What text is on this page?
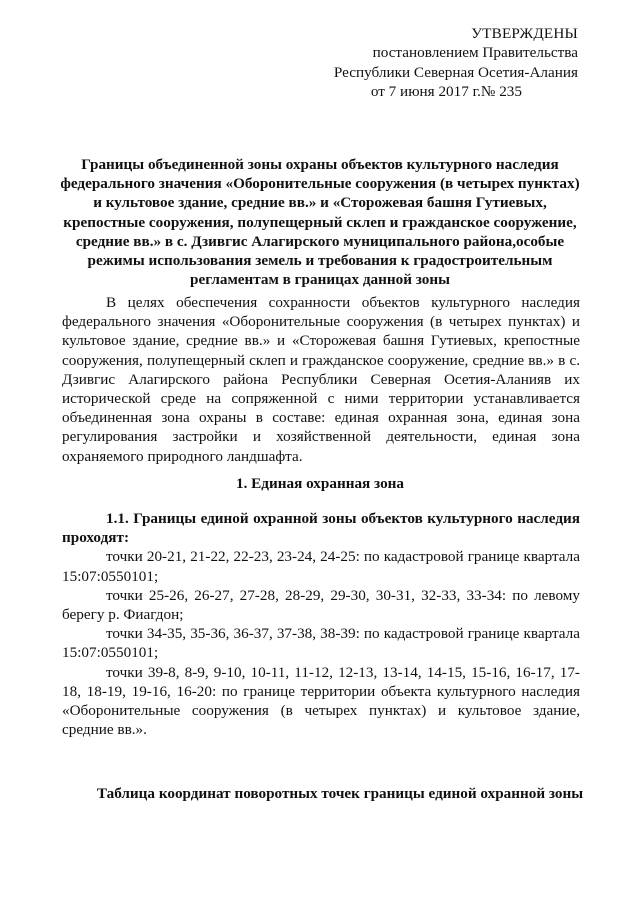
УТВЕРЖДЕНЫ
постановлением Правительства
Республики Северная Осетия-Алания
от 7 июня 2017 г.№ 235
Границы объединенной зоны охраны объектов культурного наследия федерального значения «Оборонительные сооружения (в четырех пунктах) и культовое здание, средние вв.» и «Сторожевая башня Гутиевых, крепостные сооружения, полупещерный склеп и гражданское сооружение, средние вв.» в с. Дзивгис Алагирского муниципального района,особые режимы использования земель и требования к градостроительным регламентам в границах данной зоны

В целях обеспечения сохранности объектов культурного наследия федерального значения «Оборонительные сооружения (в четырех пунктах) и культовое здание, средние вв.» и «Сторожевая башня Гутиевых, крепостные сооружения, полупещерный склеп и гражданское сооружение, средние вв.» в с. Дзивгис Алагирского района Республики Северная Осетия-Аланияв их исторической среде на сопряженной с ними территории устанавливается объединенная зона охраны в составе: единая охранная зона, единая зона регулирования застройки и хозяйственной деятельности, единая зона охраняемого природного ландшафта.

1. Единая охранная зона

1.1. Границы единой охранной зоны объектов культурного наследия проходят:

точки 20-21, 21-22, 22-23, 23-24, 24-25: по кадастровой границе квартала 15:07:0550101;

точки 25-26, 26-27, 27-28, 28-29, 29-30, 30-31, 32-33, 33-34: по левому берегу р. Фиагдон;

точки 34-35, 35-36, 36-37, 37-38, 38-39: по кадастровой границе квартала 15:07:0550101;

точки 39-8, 8-9, 9-10, 10-11, 11-12, 12-13, 13-14, 14-15, 15-16, 16-17, 17-18, 18-19, 19-16, 16-20: по границе территории объекта культурного наследия «Оборонительные сооружения (в четырех пунктах) и культовое здание, средние вв.».

Таблица координат поворотных точек границы единой охранной зоны
